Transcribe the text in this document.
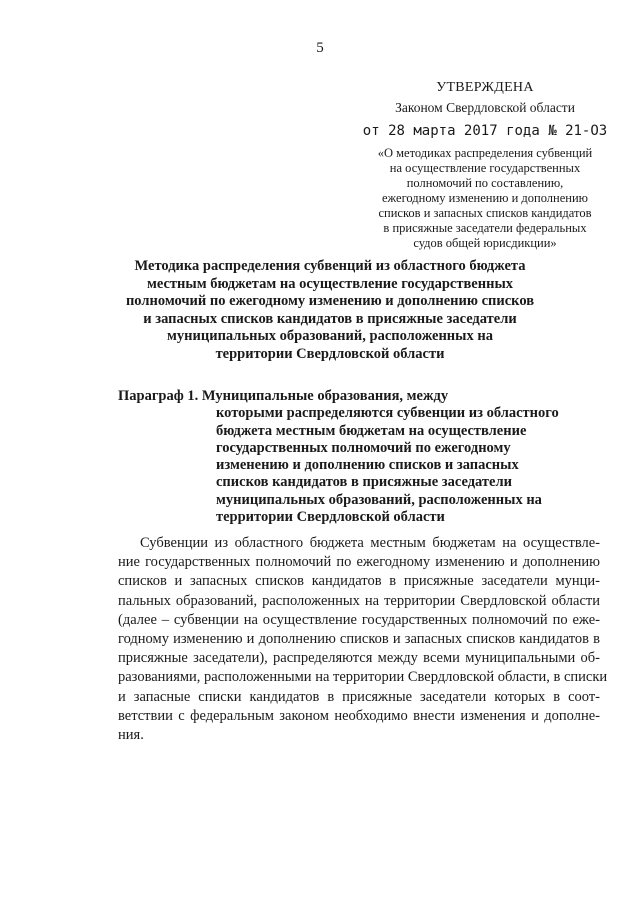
5
УТВЕРЖДЕНА
Законом Свердловской области
от 28 марта 2017 года № 21-ОЗ
«О методиках распределения субвенций
на осуществление государственных
полномочий по составлению,
ежегодному изменению и дополнению
списков и запасных списков кандидатов
в присяжные заседатели федеральных
судов общей юрисдикции»
Методика распределения субвенций из областного бюджета
местным бюджетам на осуществление государственных
полномочий по ежегодному изменению и дополнению списков
и запасных списков кандидатов в присяжные заседатели
муниципальных образований, расположенных на
территории Свердловской области
Параграф 1. Муниципальные образования, между
которыми распределяются субвенции из областного
бюджета местным бюджетам на осуществление
государственных полномочий по ежегодному
изменению и дополнению списков и запасных
списков кандидатов в присяжные заседатели
муниципальных образований, расположенных на
территории Свердловской области
Субвенции из областного бюджета местным бюджетам на осуществле-
ние государственных полномочий по ежегодному изменению и дополнению
списков и запасных списков кандидатов в присяжные заседатели мунци-
пальных образований, расположенных на территории Свердловской области
(далее – субвенции на осуществление государственных полномочий по еже-
годному изменению и дополнению списков и запасных списков кандидатов в
присяжные заседатели), распределяются между всеми муниципальными об-
разованиями, расположенными на территории Свердловской области, в списки
и запасные списки кандидатов в присяжные заседатели которых в соот-
ветствии с федеральным законом необходимо внести изменения и дополне-
ния.
